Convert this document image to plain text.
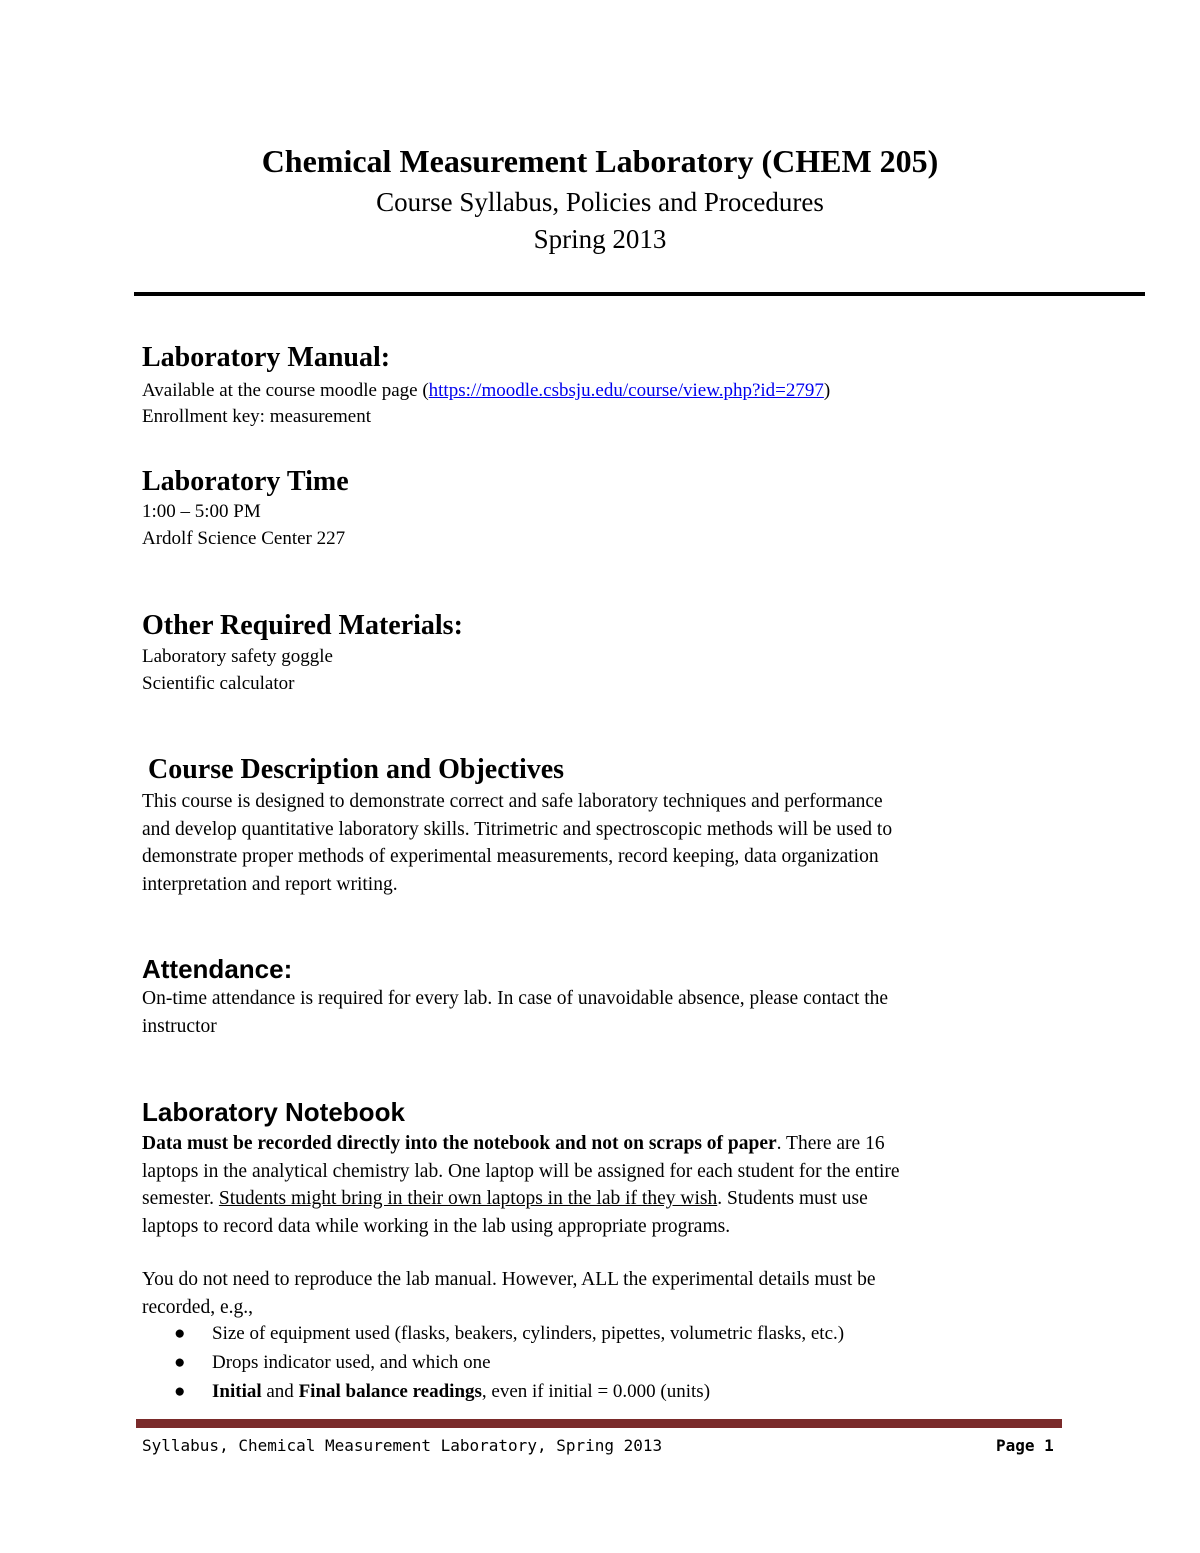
Chemical Measurement Laboratory (CHEM 205)
Course Syllabus, Policies and Procedures
Spring 2013
Laboratory Manual:
Available at the course moodle page (https://moodle.csbsju.edu/course/view.php?id=2797)
Enrollment key: measurement
Laboratory Time
1:00 – 5:00 PM
Ardolf Science Center 227
Other Required Materials:
Laboratory safety goggle
Scientific calculator
Course Description and Objectives
This course is designed to demonstrate correct and safe laboratory techniques and performance
and develop quantitative laboratory skills. Titrimetric and spectroscopic methods will be used to
demonstrate proper methods of experimental measurements, record keeping, data organization
interpretation and report writing.
Attendance:
On-time attendance is required for every lab. In case of unavoidable absence, please contact the
instructor
Laboratory Notebook
Data must be recorded directly into the notebook and not on scraps of paper. There are 16
laptops in the analytical chemistry lab. One laptop will be assigned for each student for the entire
semester. Students might bring in their own laptops in the lab if they wish. Students must use
laptops to record data while working in the lab using appropriate programs.
You do not need to reproduce the lab manual. However, ALL the experimental details must be
recorded, e.g.,
● Size of equipment used (flasks, beakers, cylinders, pipettes, volumetric flasks, etc.)
● Drops indicator used, and which one
● Initial and Final balance readings, even if initial = 0.000 (units)
Syllabus, Chemical Measurement Laboratory, Spring 2013	Page 1
